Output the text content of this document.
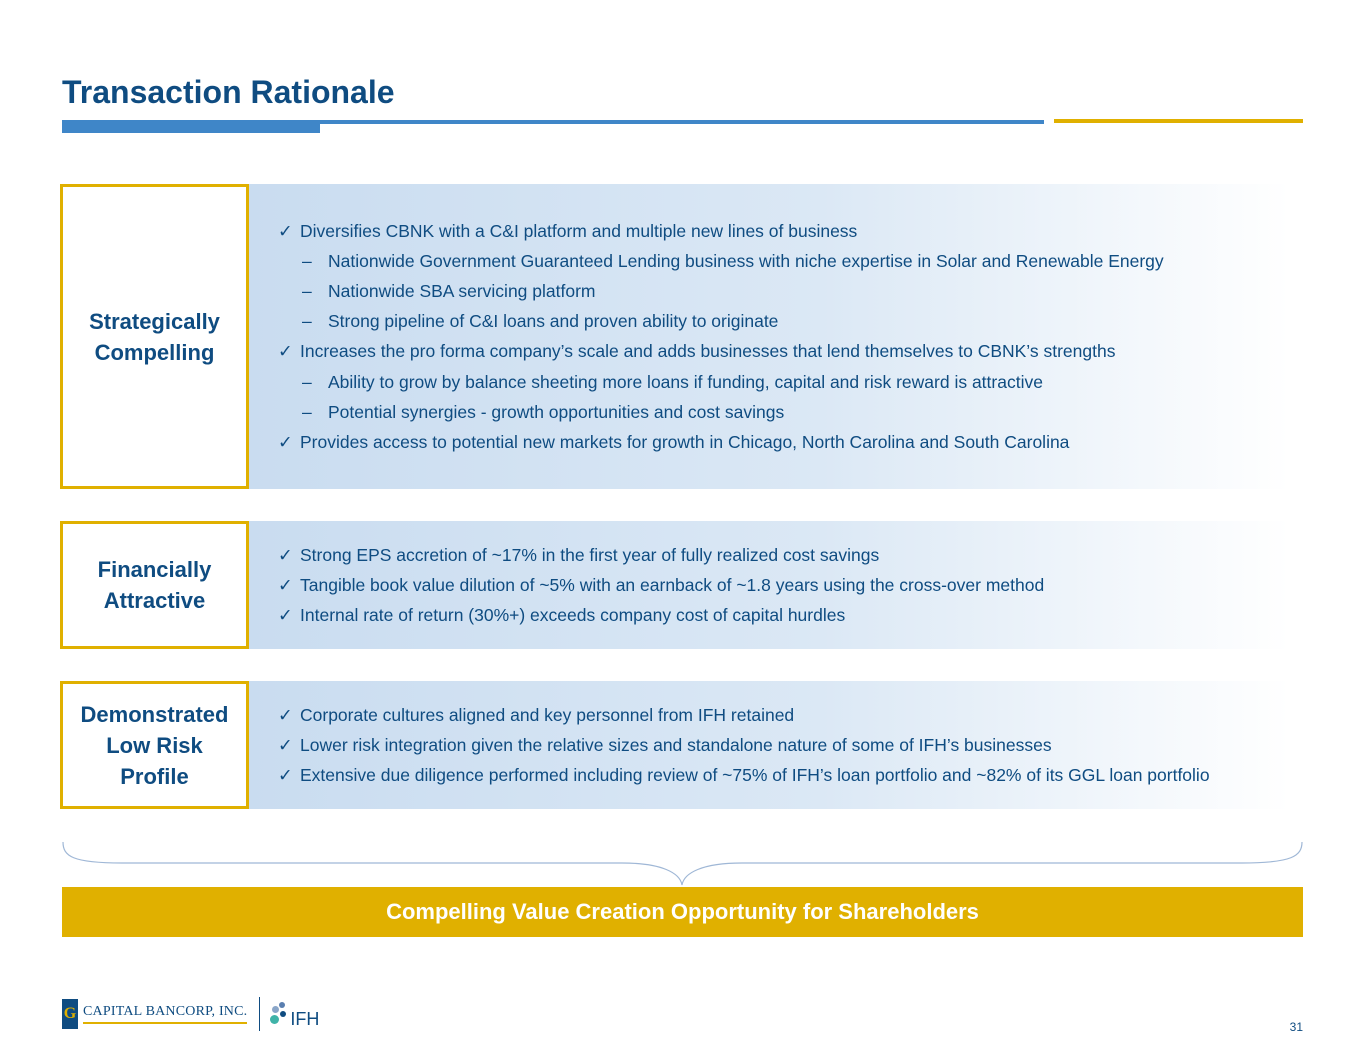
Transaction Rationale
Strategically
Compelling
✓ Diversifies CBNK with a C&I platform and multiple new lines of business
– Nationwide Government Guaranteed Lending business with niche expertise in Solar and Renewable Energy
– Nationwide SBA servicing platform
– Strong pipeline of C&I loans and proven ability to originate
✓ Increases the pro forma company’s scale and adds businesses that lend themselves to CBNK’s strengths
– Ability to grow by balance sheeting more loans if funding, capital and risk reward is attractive
– Potential synergies - growth opportunities and cost savings
✓ Provides access to potential new markets for growth in Chicago, North Carolina and South Carolina
Financially
Attractive
✓ Strong EPS accretion of ~17% in the first year of fully realized cost savings
✓ Tangible book value dilution of ~5% with an earnback of ~1.8 years using the cross-over method
✓ Internal rate of return (30%+) exceeds company cost of capital hurdles
Demonstrated
Low Risk
Profile
✓ Corporate cultures aligned and key personnel from IFH retained
✓ Lower risk integration given the relative sizes and standalone nature of some of IFH’s businesses
✓ Extensive due diligence performed including review of ~75% of IFH’s loan portfolio and ~82% of its GGL loan portfolio
Compelling Value Creation Opportunity for Shareholders
G CAPITAL BANCORP, INC. IFH	31
